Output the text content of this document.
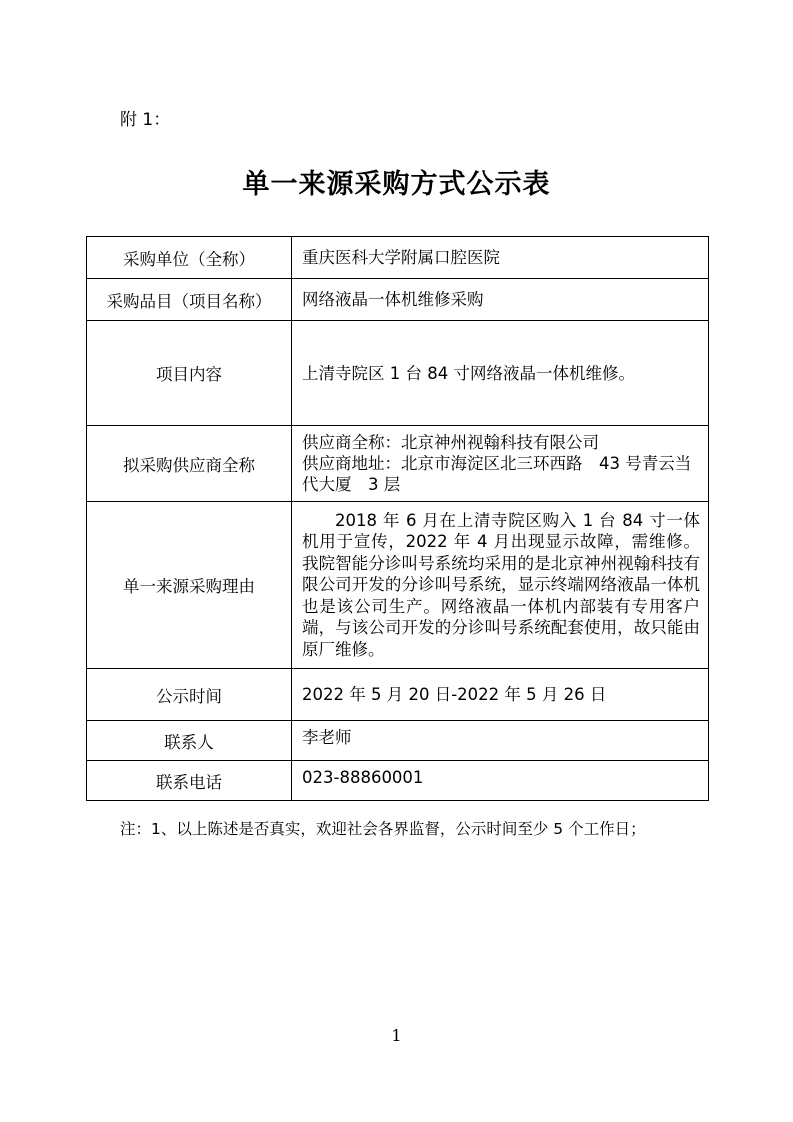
附 1：
单一来源采购方式公示表
采购单位（全称）	重庆医科大学附属口腔医院
采购品目（项目名称）	网络液晶一体机维修采购
项目内容	上清寺院区 1 台 84 寸网络液晶一体机维修。
拟采购供应商全称	供应商全称：北京神州视翰科技有限公司
供应商地址：北京市海淀区北三环西路　43 号青云当代大厦　3 层

单一来源采购理由	2018 年 6 月在上清寺院区购入 1 台 84 寸一体机用于宣传，2022 年 4 月出现显示故障，需维修。我院智能分诊叫号系统均采用的是北京神州视翰科技有限公司开发的分诊叫号系统，显示终端网络液晶一体机也是该公司生产。网络液晶一体机内部装有专用客户端，与该公司开发的分诊叫号系统配套使用，故只能由原厂维修。

公示时间	2022 年 5 月 20 日-2022 年 5 月 26 日
联系人	李老师
联系电话	023-88860001
注：1、以上陈述是否真实，欢迎社会各界监督，公示时间至少 5 个工作日；
1
